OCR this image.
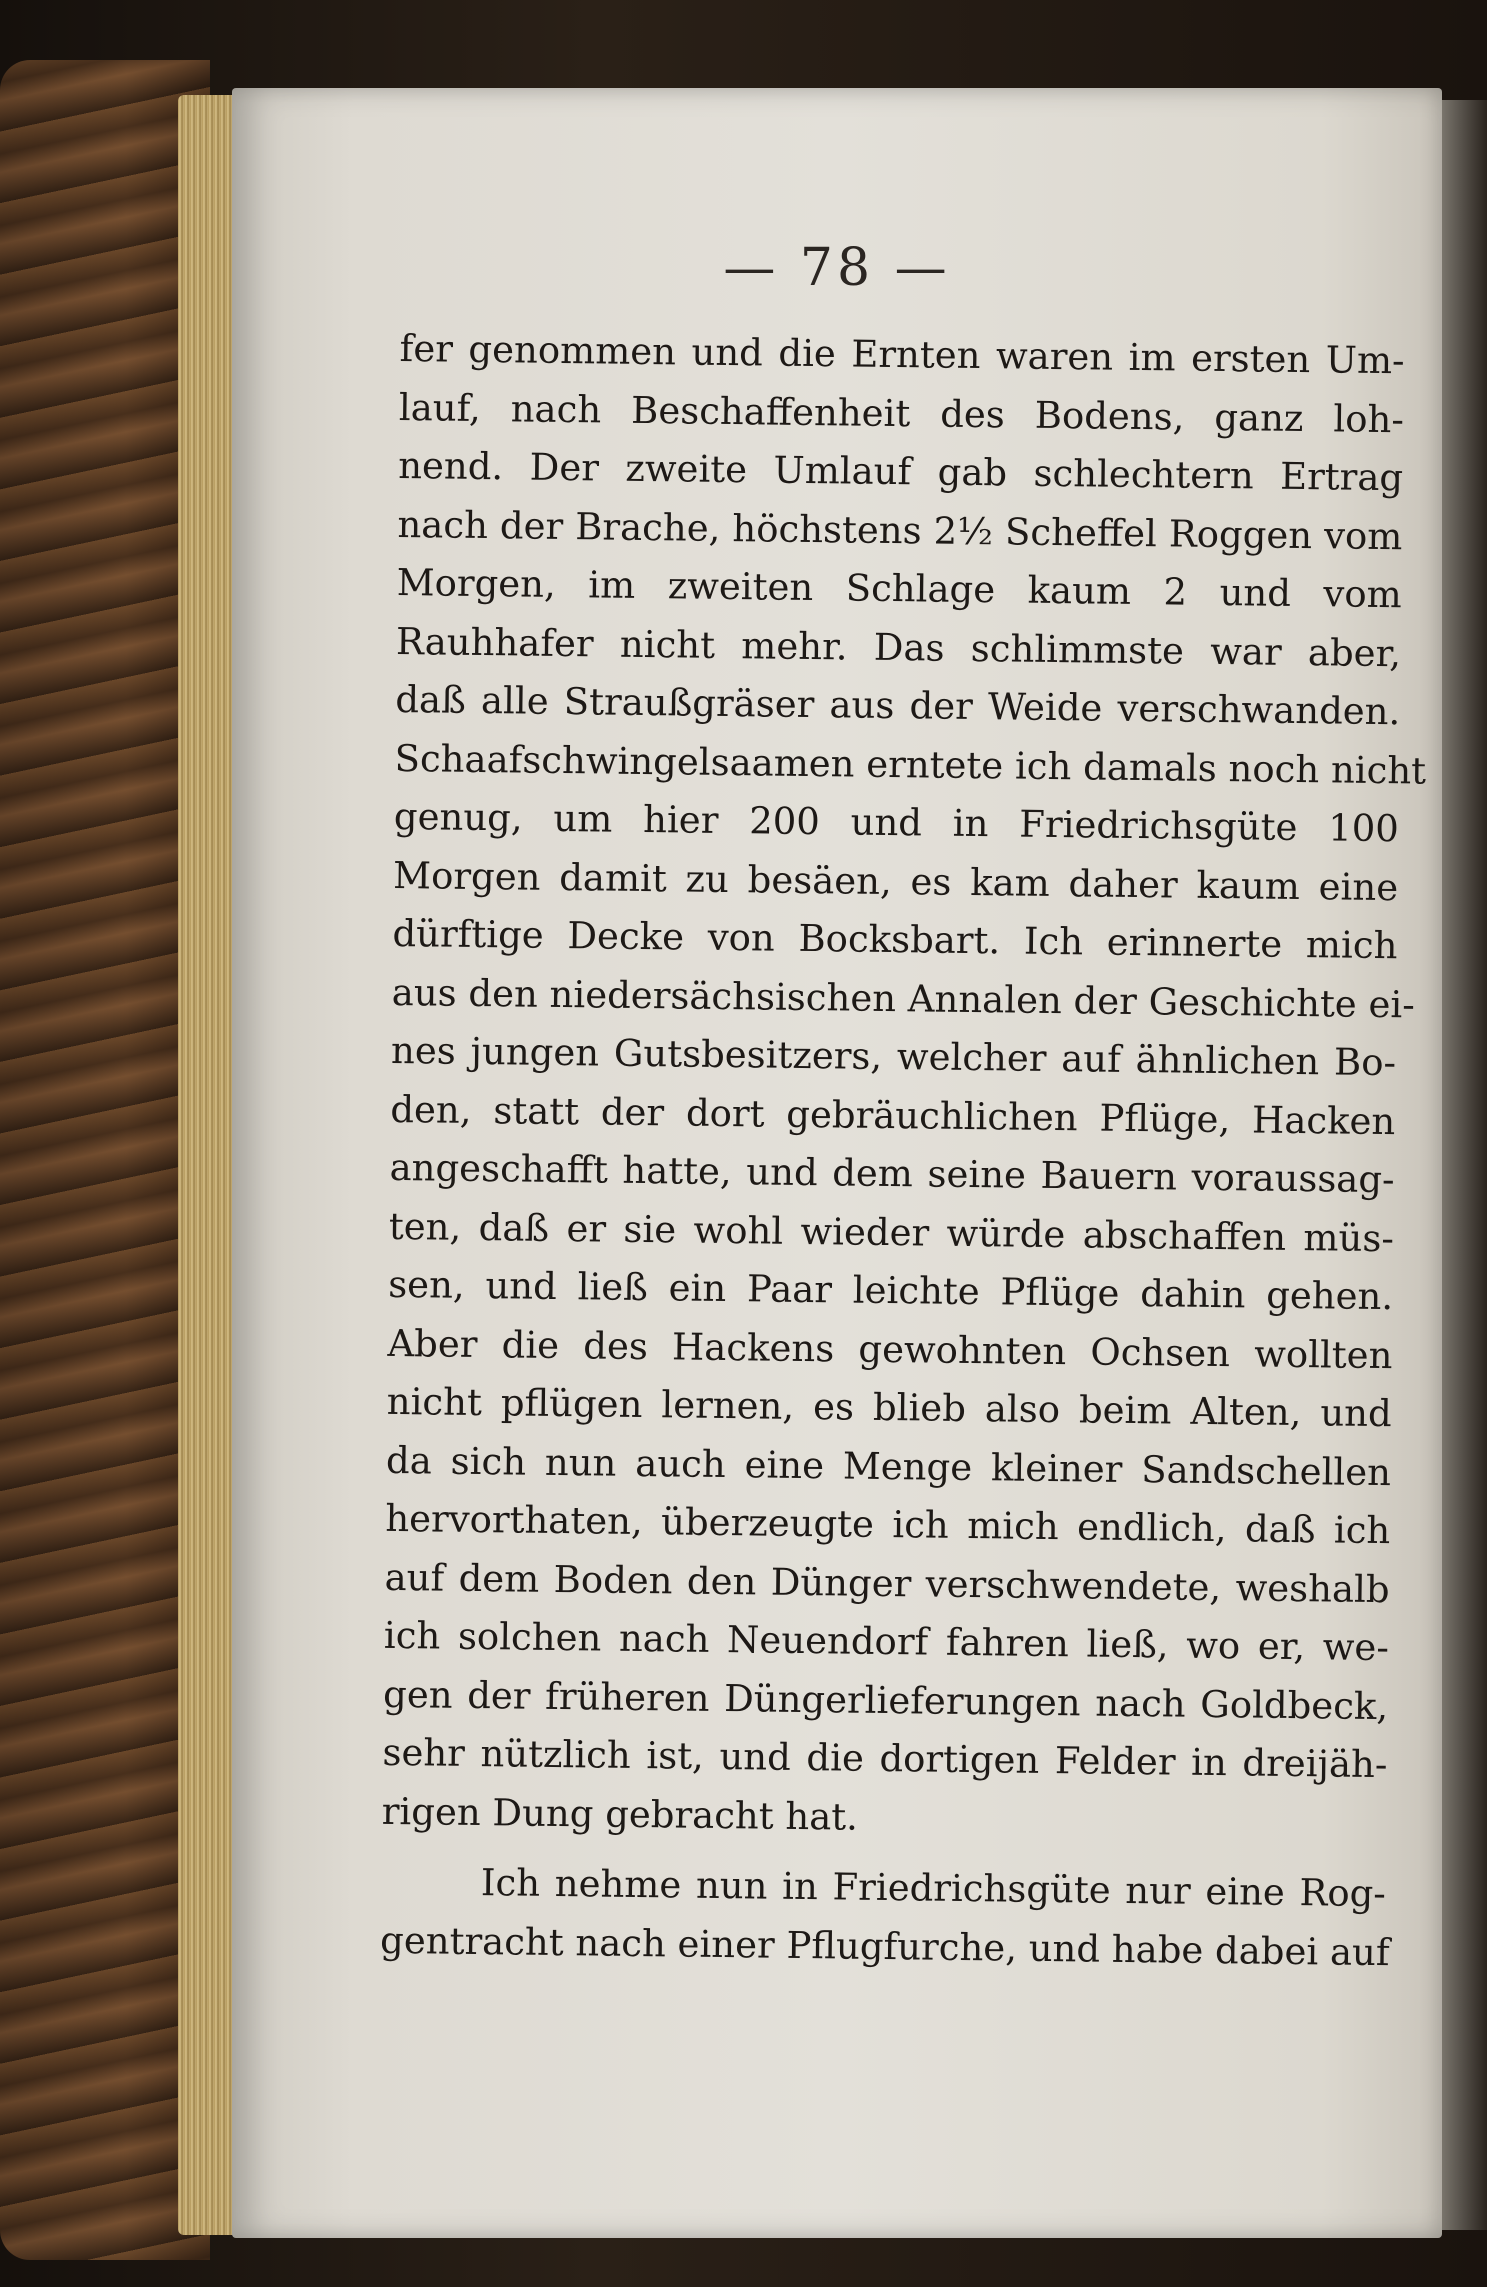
— 78 —
fer genommen und die Ernten waren im ersten Um-
lauf, nach Beschaffenheit des Bodens, ganz loh-
nend. Der zweite Umlauf gab schlechtern Ertrag
nach der Brache, höchstens 2½ Scheffel Roggen vom
Morgen, im zweiten Schlage kaum 2 und vom
Rauhhafer nicht mehr. Das schlimmste war aber,
daß alle Straußgräser aus der Weide verschwanden.
Schaafschwingelsaamen erntete ich damals noch nicht
genug, um hier 200 und in Friedrichsgüte 100
Morgen damit zu besäen, es kam daher kaum eine
dürftige Decke von Bocksbart. Ich erinnerte mich
aus den niedersächsischen Annalen der Geschichte ei-
nes jungen Gutsbesitzers, welcher auf ähnlichen Bo-
den, statt der dort gebräuchlichen Pflüge, Hacken
angeschafft hatte, und dem seine Bauern voraussag-
ten, daß er sie wohl wieder würde abschaffen müs-
sen, und ließ ein Paar leichte Pflüge dahin gehen.
Aber die des Hackens gewohnten Ochsen wollten
nicht pflügen lernen, es blieb also beim Alten, und
da sich nun auch eine Menge kleiner Sandschellen
hervorthaten, überzeugte ich mich endlich, daß ich
auf dem Boden den Dünger verschwendete, weshalb
ich solchen nach Neuendorf fahren ließ, wo er, we-
gen der früheren Düngerlieferungen nach Goldbeck,
sehr nützlich ist, und die dortigen Felder in dreijäh-
rigen Dung gebracht hat.
Ich nehme nun in Friedrichsgüte nur eine Rog-
gentracht nach einer Pflugfurche, und habe dabei auf
